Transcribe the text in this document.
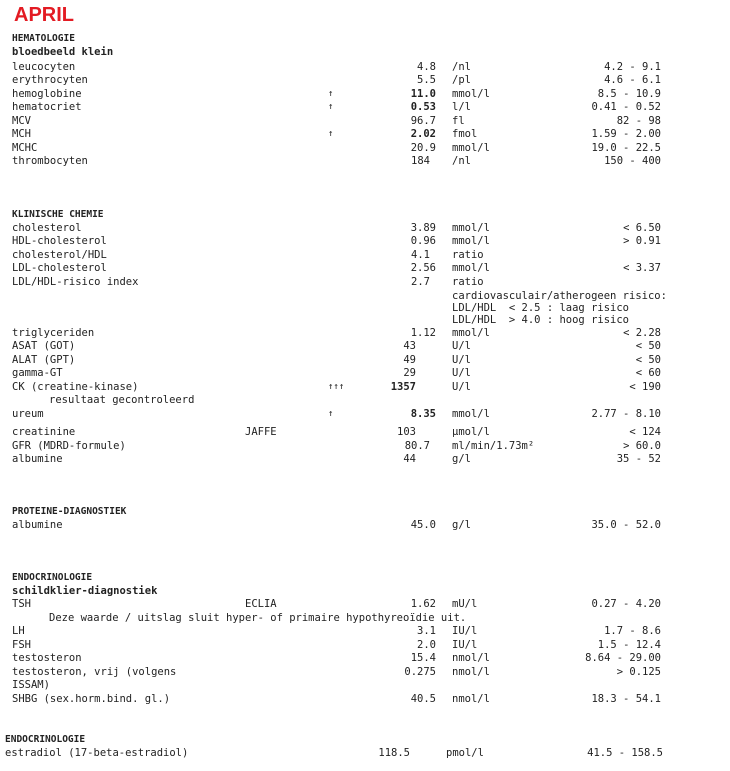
APRIL
HEMATOLOGIE
bloedbeeld klein
leucocyten	4.8 /nl	4.2 - 9.1
erythrocyten	5.5 /pl	4.6 - 6.1
hemoglobine	↑	11.0 mmol/l	8.5 - 10.9
hematocriet	↑	0.53 l/l	0.41 - 0.52
MCV	96.7 fl	82 - 98
MCH	↑	2.02 fmol	1.59 - 2.00
MCHC	20.9 mmol/l	19.0 - 22.5
thrombocyten	184 /nl	150 - 400
KLINISCHE CHEMIE
cholesterol	3.89 mmol/l	< 6.50
HDL-cholesterol	0.96 mmol/l	> 0.91
cholesterol/HDL	4.1 ratio
LDL-cholesterol	2.56 mmol/l	< 3.37
LDL/HDL-risico index	2.7 ratio
cardiovasculair/atherogeen risico:
LDL/HDL  < 2.5 : laag risico
LDL/HDL  > 4.0 : hoog risico
triglyceriden	1.12 mmol/l	< 2.28
ASAT (GOT)	43	U/l	< 50
ALAT (GPT)	49	U/l	< 50
gamma-GT	29	U/l	< 60
CK (creatine-kinase)	↑↑↑	1357	U/l	< 190
resultaat gecontroleerd
ureum	↑	8.35 mmol/l	2.77 - 8.10
creatinine	JAFFE	103	µmol/l	< 124
GFR (MDRD-formule)	80.7 ml/min/1.73m²	> 60.0
albumine	44	g/l	35 - 52
PROTEINE-DIAGNOSTIEK
albumine	45.0 g/l	35.0 - 52.0
ENDOCRINOLOGIE
schildklier-diagnostiek
TSH	ECLIA	1.62 mU/l	0.27 - 4.20
Deze waarde / uitslag sluit hyper- of primaire hypothyreoïdie uit.
LH	3.1 IU/l	1.7 - 8.6
FSH	2.0 IU/l	1.5 - 12.4
testosteron	15.4 nmol/l	8.64 - 29.00
testosteron, vrij (volgens	0.275 nmol/l	> 0.125
ISSAM)
SHBG (sex.horm.bind. gl.)	40.5 nmol/l	18.3 - 54.1
ENDOCRINOLOGIE
estradiol (17-beta-estradiol)	118.5	pmol/l	41.5 - 158.5
